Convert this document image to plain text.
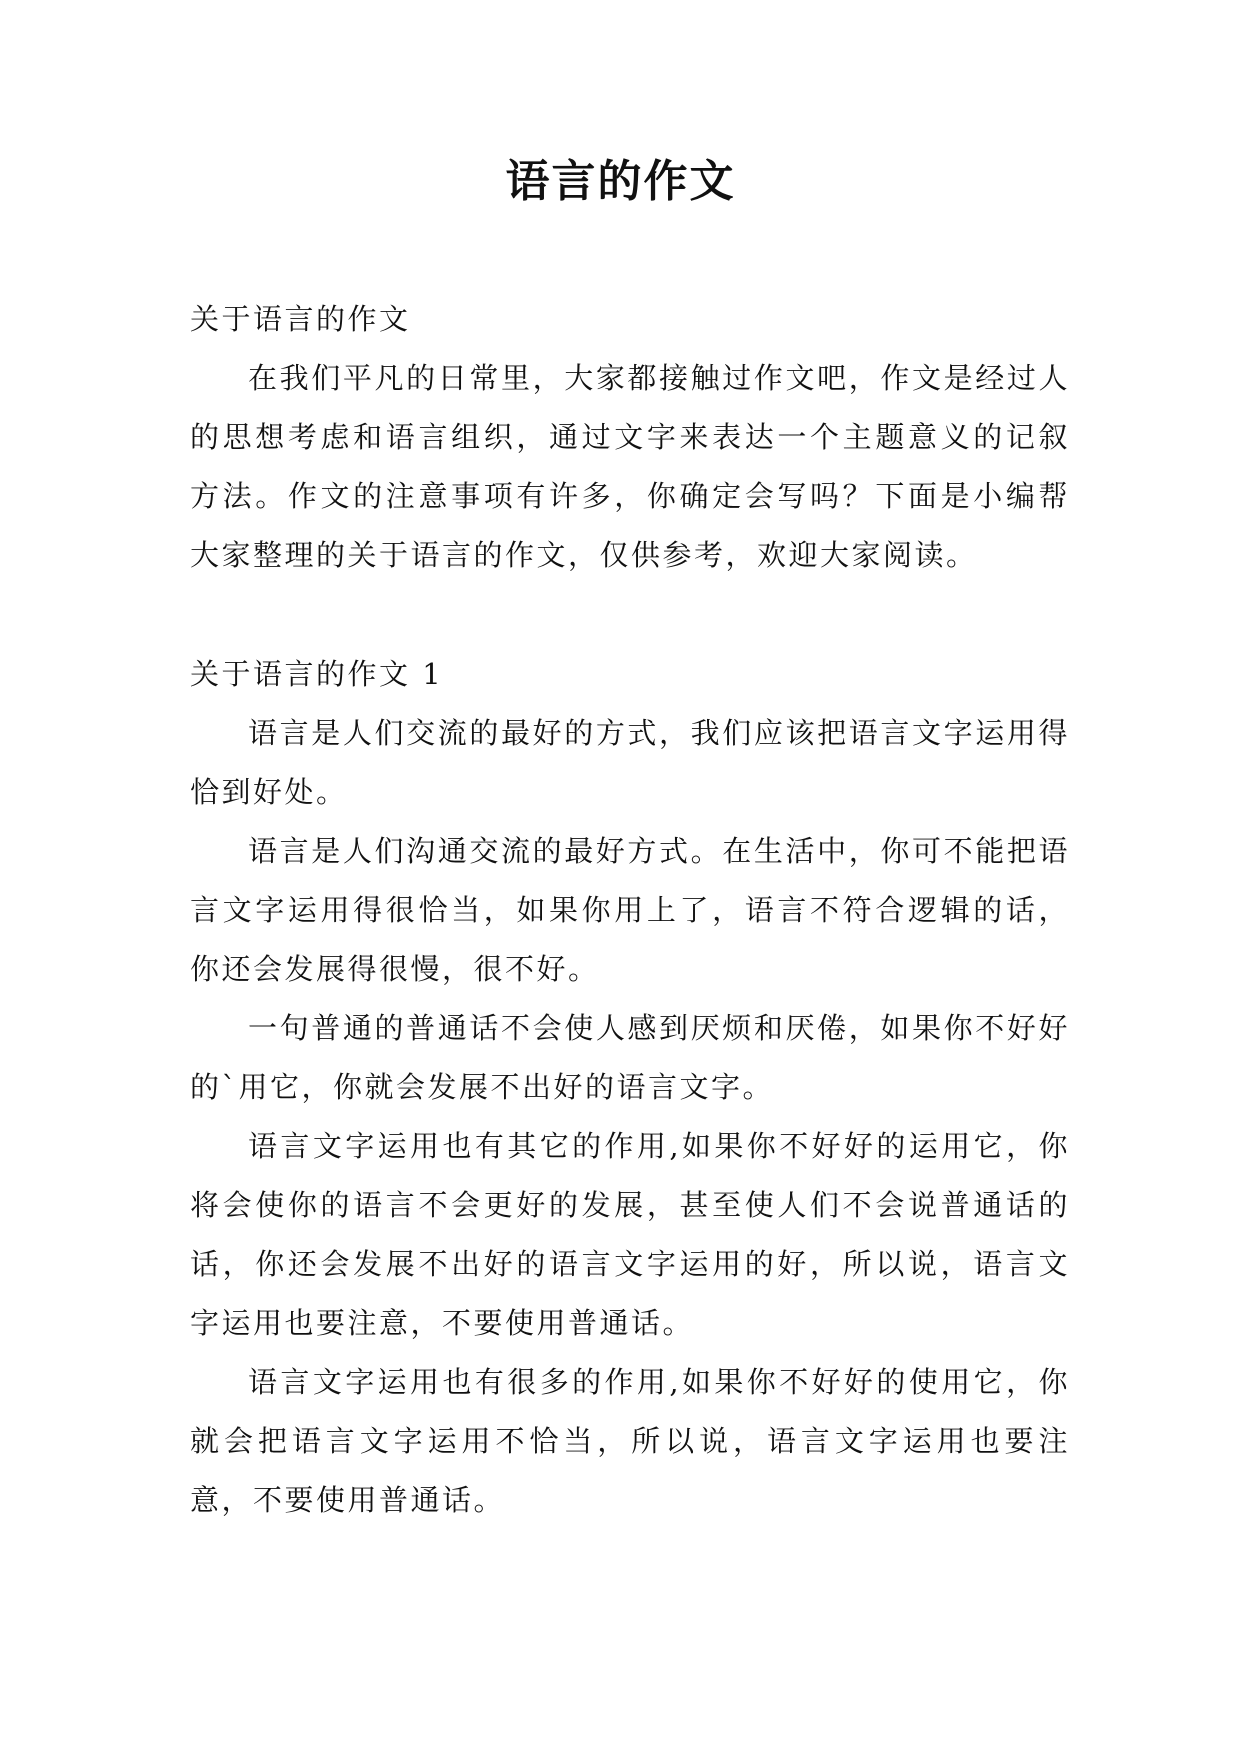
语言的作文

关于语言的作文

在我们平凡的日常里，大家都接触过作文吧，作文是经过人的思想考虑和语言组织，通过文字来表达一个主题意义的记叙方法。作文的注意事项有许多，你确定会写吗？下面是小编帮大家整理的关于语言的作文，仅供参考，欢迎大家阅读。

关于语言的作文 1

语言是人们交流的最好的方式，我们应该把语言文字运用得恰到好处。

语言是人们沟通交流的最好方式。在生活中，你可不能把语言文字运用得很恰当，如果你用上了，语言不符合逻辑的话，你还会发展得很慢，很不好。

一句普通的普通话不会使人感到厌烦和厌倦，如果你不好好的`用它，你就会发展不出好的语言文字。

语言文字运用也有其它的作用,如果你不好好的运用它，你将会使你的语言不会更好的发展，甚至使人们不会说普通话的话，你还会发展不出好的语言文字运用的好，所以说，语言文字运用也要注意，不要使用普通话。

语言文字运用也有很多的作用,如果你不好好的使用它，你就会把语言文字运用不恰当，所以说，语言文字运用也要注意，不要使用普通话。
